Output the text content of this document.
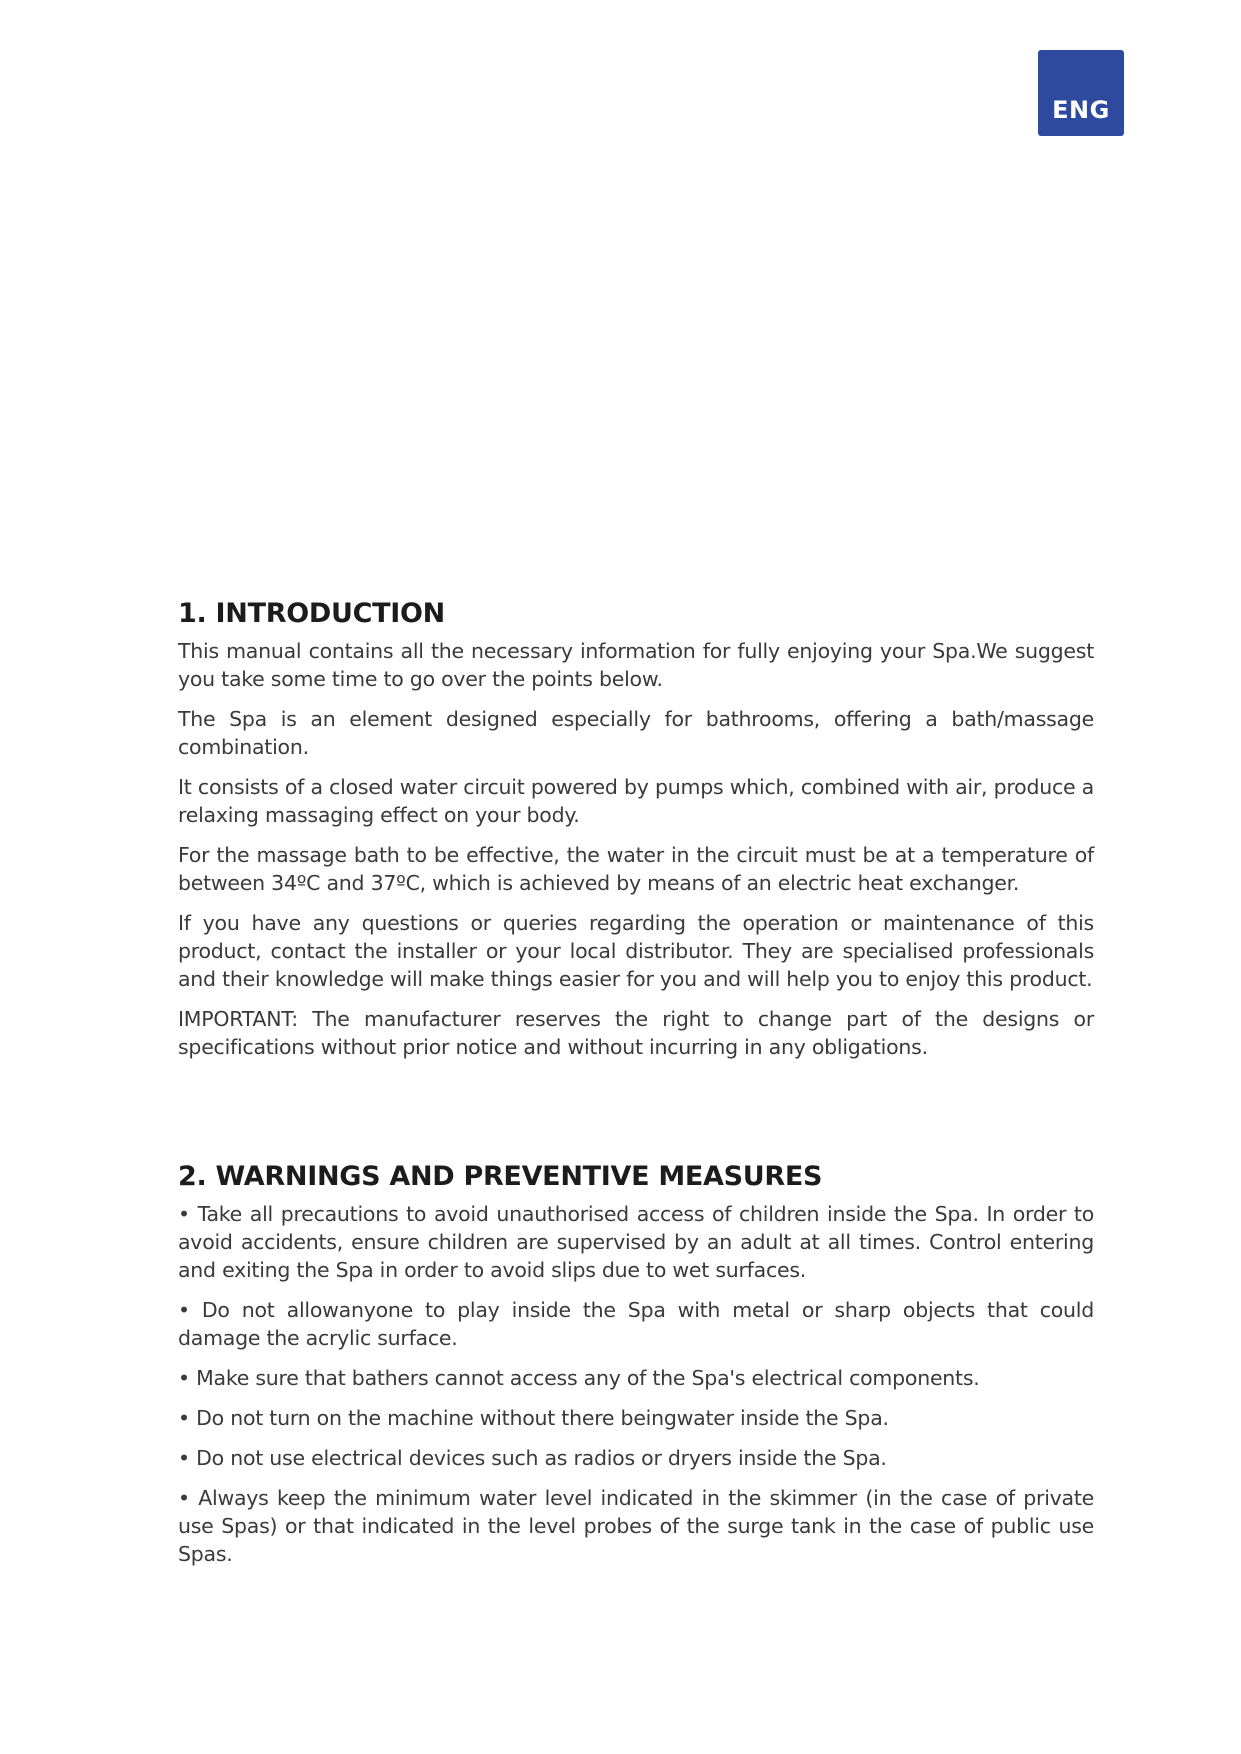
ENG
1. INTRODUCTION

This manual contains all the necessary information for fully enjoying your Spa.We suggest you take some time to go over the points below.

The Spa is an element designed especially for bathrooms, offering a bath/massage combination.

It consists of a closed water circuit powered by pumps which, combined with air, produce a relaxing massaging effect on your body.

For the massage bath to be effective, the water in the circuit must be at a temperature of between 34ºC and 37ºC, which is achieved by means of an electric heat exchanger.

If you have any questions or queries regarding the operation or maintenance of this product, contact the installer or your local distributor. They are specialised professionals and their knowledge will make things easier for you and will help you to enjoy this product.

IMPORTANT: The manufacturer reserves the right to change part of the designs or specifications without prior notice and without incurring in any obligations.

2. WARNINGS AND PREVENTIVE MEASURES

• Take all precautions to avoid unauthorised access of children inside the Spa. In order to avoid accidents, ensure children are supervised by an adult at all times. Control entering and exiting the Spa in order to avoid slips due to wet surfaces.

• Do not allowanyone to play inside the Spa with metal or sharp objects that could damage the acrylic surface.

• Make sure that bathers cannot access any of the Spa's electrical components.

• Do not turn on the machine without there beingwater inside the Spa.

• Do not use electrical devices such as radios or dryers inside the Spa.

• Always keep the minimum water level indicated in the skimmer (in the case of private use Spas) or that indicated in the level probes of the surge tank in the case of public use Spas.
